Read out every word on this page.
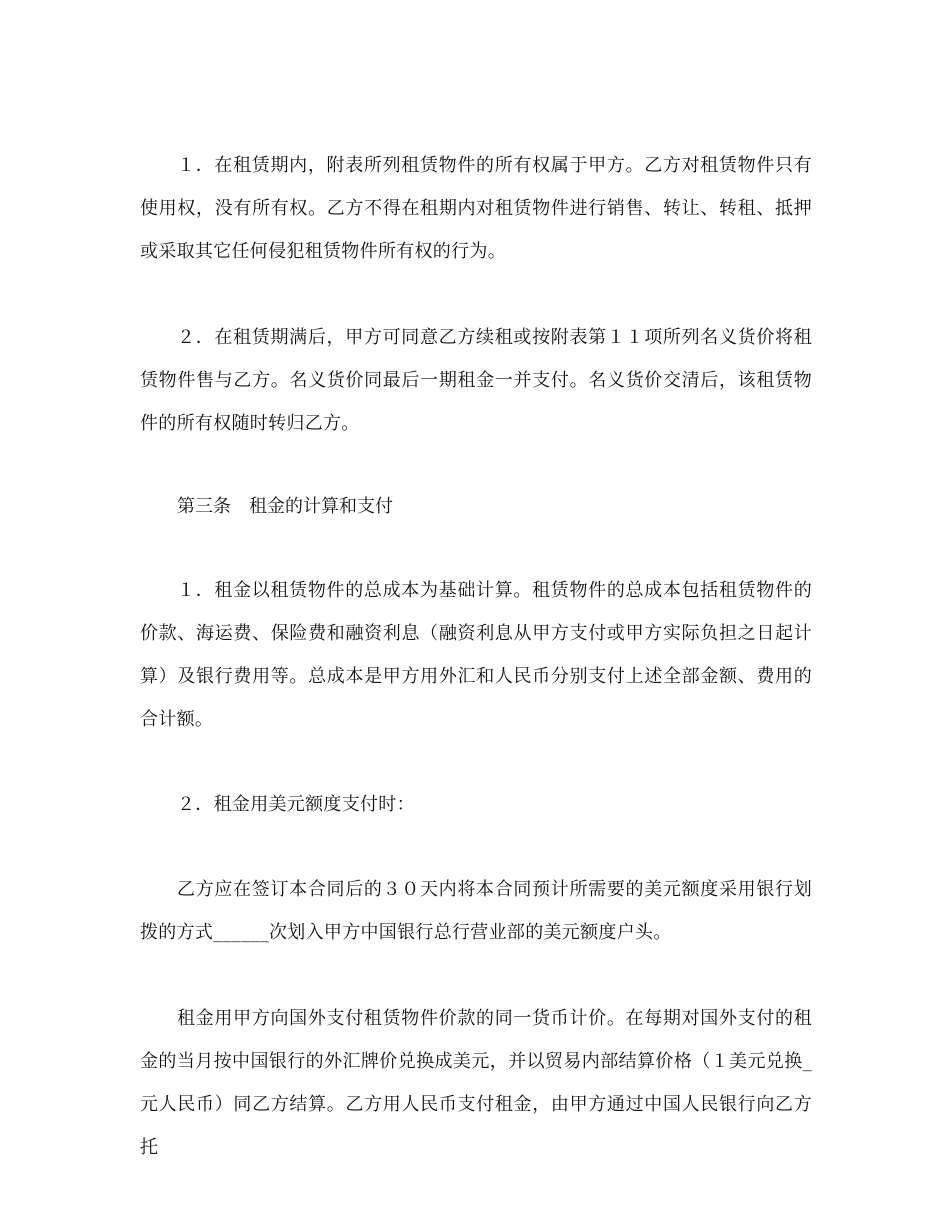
１．在租赁期内，附表所列租赁物件的所有权属于甲方。乙方对租赁物件只有使用权，没有所有权。乙方不得在租期内对租赁物件进行销售、转让、转租、抵押或采取其它任何侵犯租赁物件所有权的行为。

２．在租赁期满后，甲方可同意乙方续租或按附表第１１项所列名义货价将租赁物件售与乙方。名义货价同最后一期租金一并支付。名义货价交清后，该租赁物件的所有权随时转归乙方。

第三条　租金的计算和支付

１．租金以租赁物件的总成本为基础计算。租赁物件的总成本包括租赁物件的价款、海运费、保险费和融资利息（融资利息从甲方支付或甲方实际负担之日起计算）及银行费用等。总成本是甲方用外汇和人民币分别支付上述全部金额、费用的合计额。

２．租金用美元额度支付时：

乙方应在签订本合同后的３０天内将本合同预计所需要的美元额度采用银行划拨的方式______次划入甲方中国银行总行营业部的美元额度户头。

租金用甲方向国外支付租赁物件价款的同一货币计价。在每期对国外支付的租金的当月按中国银行的外汇牌价兑换成美元，并以贸易内部结算价格（１美元兑换_元人民币）同乙方结算。乙方用人民币支付租金，由甲方通过中国人民银行向乙方托
